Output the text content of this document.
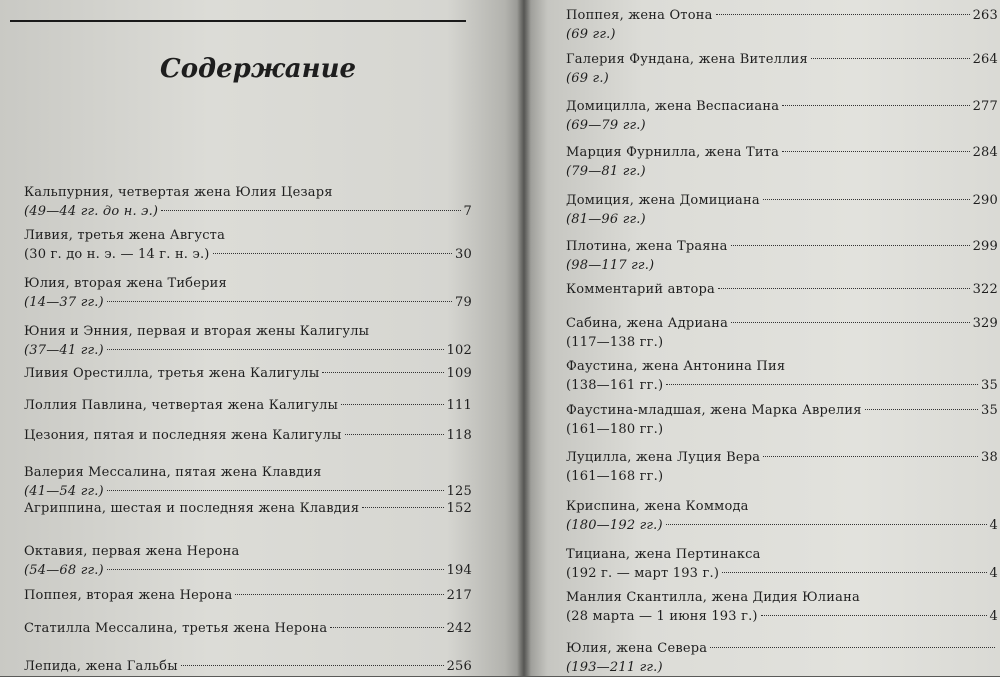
Содержание
Кальпурния, четвертая жена Юлия Цезаря
(49—44 гг. до н. э.)	7
Ливия, третья жена Августа
(30 г. до н. э. — 14 г. н. э.)	30
Юлия, вторая жена Тиберия
(14—37 гг.)	79
Юния и Энния, первая и вторая жены Калигулы
(37—41 гг.)	102
Ливия Орестилла, третья жена Калигулы	109
Лоллия Павлина, четвертая жена Калигулы	111
Цезония, пятая и последняя жена Калигулы	118
Валерия Мессалина, пятая жена Клавдия
(41—54 гг.)	125
Агриппина, шестая и последняя жена Клавдия	152
Октавия, первая жена Нерона
(54—68 гг.)	194
Поппея, вторая жена Нерона	217
Статилла Мессалина, третья жена Нерона	242
Лепида, жена Гальбы	256
Поппея, жена Отона	263
(69 гг.)
Галерия Фундана, жена Вителлия	264
(69 г.)
Домицилла, жена Веспасиана	277
(69—79 гг.)
Марция Фурнилла, жена Тита	284
(79—81 гг.)
Домиция, жена Домициана	290
(81—96 гг.)
Плотина, жена Траяна	299
(98—117 гг.)
Комментарий автора	322
Сабина, жена Адриана	329
(117—138 гг.)
Фаустина, жена Антонина Пия
(138—161 гг.)	35
Фаустина-младшая, жена Марка Аврелия	35
(161—180 гг.)
Луцилла, жена Луция Вера	38
(161—168 гг.)
Криспина, жена Коммода
(180—192 гг.)	4
Тициана, жена Пертинакса
(192 г. — март 193 г.)	4
Манлия Скантилла, жена Дидия Юлиана
(28 марта — 1 июня 193 г.)	4
Юлия, жена Севера
(193—211 гг.)
